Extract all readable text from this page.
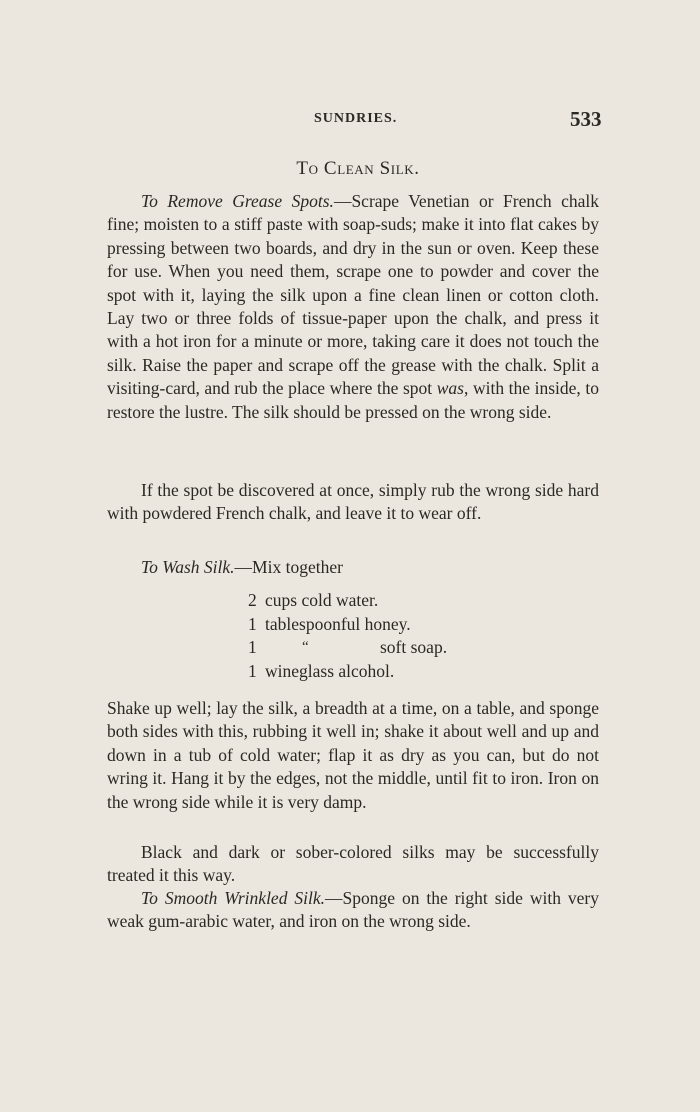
SUNDRIES.	533
To Clean Silk.

To Remove Grease Spots.—Scrape Venetian or French chalk fine; moisten to a stiff paste with soap-suds; make it into flat cakes by pressing between two boards, and dry in the sun or oven. Keep these for use. When you need them, scrape one to powder and cover the spot with it, laying the silk upon a fine clean linen or cotton cloth. Lay two or three folds of tissue-paper upon the chalk, and press it with a hot iron for a minute or more, taking care it does not touch the silk. Raise the paper and scrape off the grease with the chalk. Split a visiting-card, and rub the place where the spot was, with the inside, to restore the lustre. The silk should be pressed on the wrong side.

If the spot be discovered at once, simply rub the wrong side hard with powdered French chalk, and leave it to wear off.

To Wash Silk.—Mix together

2 cups cold water.
1 tablespoonful honey.
1	“	soft soap.
1 wineglass alcohol.

Shake up well; lay the silk, a breadth at a time, on a table, and sponge both sides with this, rubbing it well in; shake it about well and up and down in a tub of cold water; flap it as dry as you can, but do not wring it. Hang it by the edges, not the middle, until fit to iron. Iron on the wrong side while it is very damp.

Black and dark or sober-colored silks may be successfully treated it this way.

To Smooth Wrinkled Silk.—Sponge on the right side with very weak gum-arabic water, and iron on the wrong side.
